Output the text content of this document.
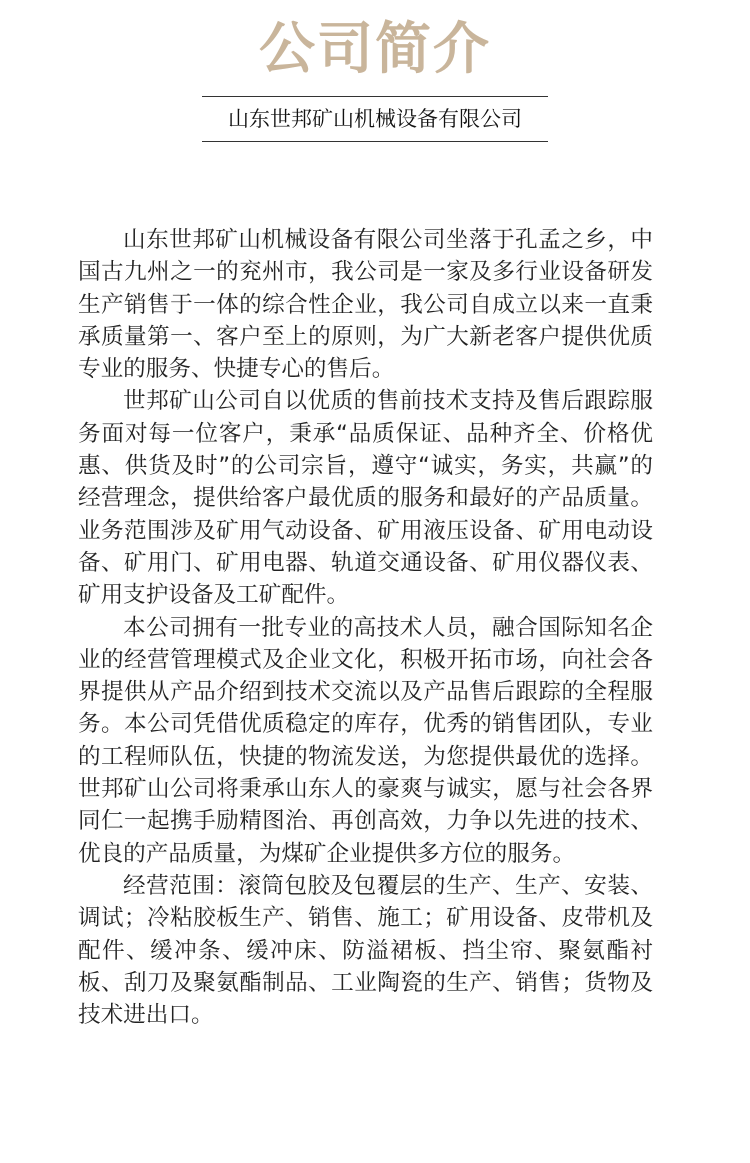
公司简介
山东世邦矿山机械设备有限公司

山东世邦矿山机械设备有限公司坐落于孔孟之乡，中国古九州之一的兖州市，我公司是一家及多行业设备研发生产销售于一体的综合性企业，我公司自成立以来一直秉承质量第一、客户至上的原则，为广大新老客户提供优质专业的服务、快捷专心的售后。

世邦矿山公司自以优质的售前技术支持及售后跟踪服务面对每一位客户，秉承“品质保证、品种齐全、价格优惠、供货及时”的公司宗旨，遵守“诚实，务实，共赢”的经营理念，提供给客户最优质的服务和最好的产品质量。业务范围涉及矿用气动设备、矿用液压设备、矿用电动设备、矿用门、矿用电器、轨道交通设备、矿用仪器仪表、矿用支护设备及工矿配件。

本公司拥有一批专业的高技术人员，融合国际知名企业的经营管理模式及企业文化，积极开拓市场，向社会各界提供从产品介绍到技术交流以及产品售后跟踪的全程服务。本公司凭借优质稳定的库存，优秀的销售团队，专业的工程师队伍，快捷的物流发送，为您提供最优的选择。世邦矿山公司将秉承山东人的豪爽与诚实，愿与社会各界同仁一起携手励精图治、再创高效，力争以先进的技术、优良的产品质量，为煤矿企业提供多方位的服务。

经营范围：滚筒包胶及包覆层的生产、生产、安装、调试；冷粘胶板生产、销售、施工；矿用设备、皮带机及配件、缓冲条、缓冲床、防溢裙板、挡尘帘、聚氨酯衬板、刮刀及聚氨酯制品、工业陶瓷的生产、销售；货物及技术进出口。
